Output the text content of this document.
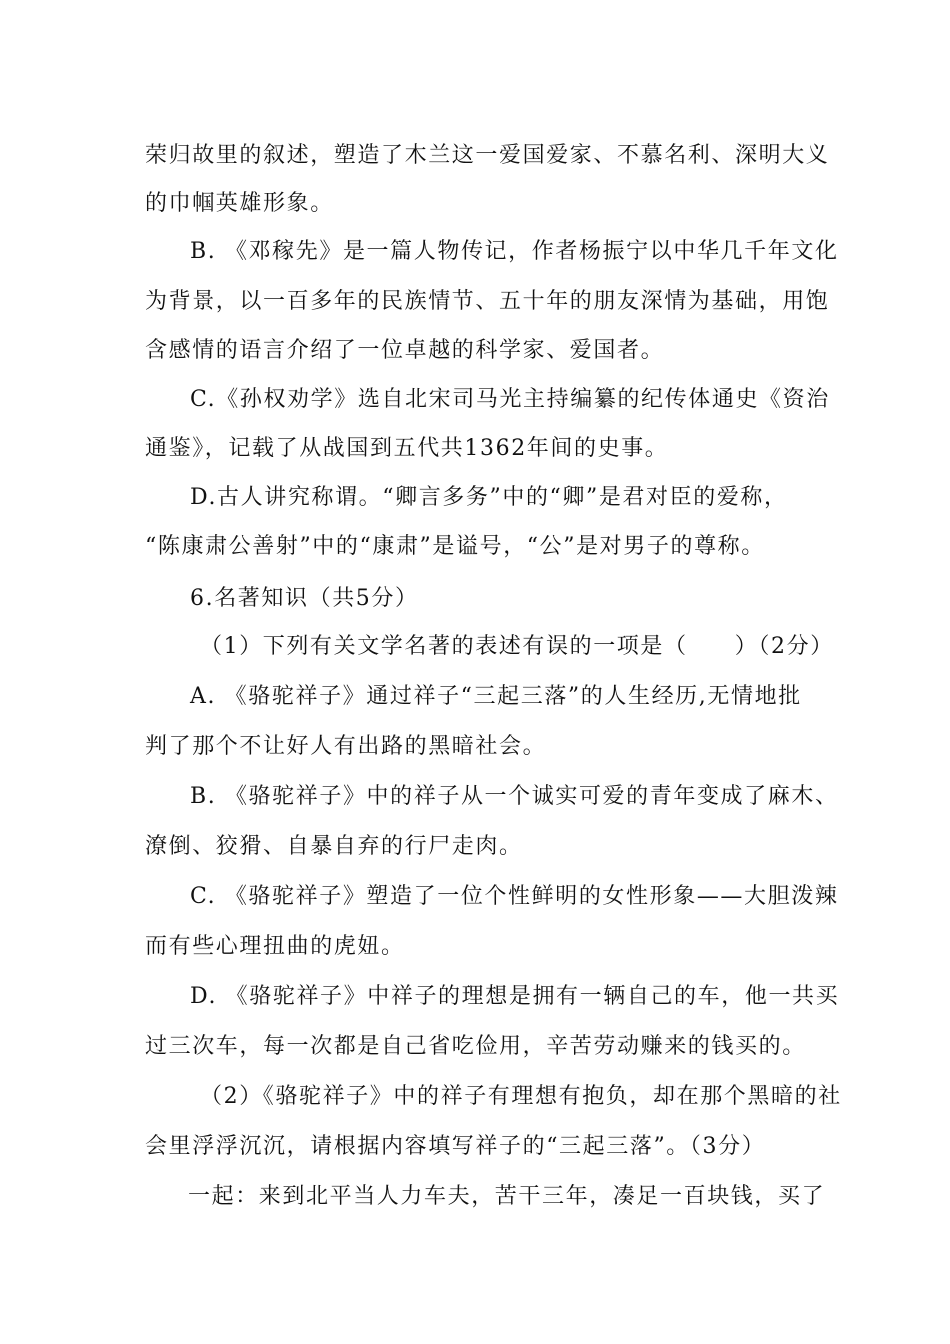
荣归故里的叙述，塑造了木兰这一爱国爱家、不慕名利、深明大义
的巾帼英雄形象。
B. 《邓稼先》是一篇人物传记，作者杨振宁以中华几千年文化
为背景，以一百多年的民族情节、五十年的朋友深情为基础，用饱
含感情的语言介绍了一位卓越的科学家、爱国者。
C.《孙权劝学》选自北宋司马光主持编纂的纪传体通史《资治
通鉴》，记载了从战国到五代共1362年间的史事。
D.古人讲究称谓。“卿言多务”中的“卿”是君对臣的爱称，
“陈康肃公善射”中的“康肃”是谥号，“公”是对男子的尊称。
6.名著知识（共5分）
（1）下列有关文学名著的表述有误的一项是（　　）（2分）
A. 《骆驼祥子》通过祥子“三起三落”的人生经历,无情地批
判了那个不让好人有出路的黑暗社会。
B. 《骆驼祥子》中的祥子从一个诚实可爱的青年变成了麻木、
潦倒、狡猾、自暴自弃的行尸走肉。
C. 《骆驼祥子》塑造了一位个性鲜明的女性形象——大胆泼辣
而有些心理扭曲的虎妞。
D. 《骆驼祥子》中祥子的理想是拥有一辆自己的车，他一共买
过三次车，每一次都是自己省吃俭用，辛苦劳动赚来的钱买的。
（2）《骆驼祥子》中的祥子有理想有抱负，却在那个黑暗的社
会里浮浮沉沉，请根据内容填写祥子的“三起三落”。（3分）
一起：来到北平当人力车夫，苦干三年，凑足一百块钱，买了
